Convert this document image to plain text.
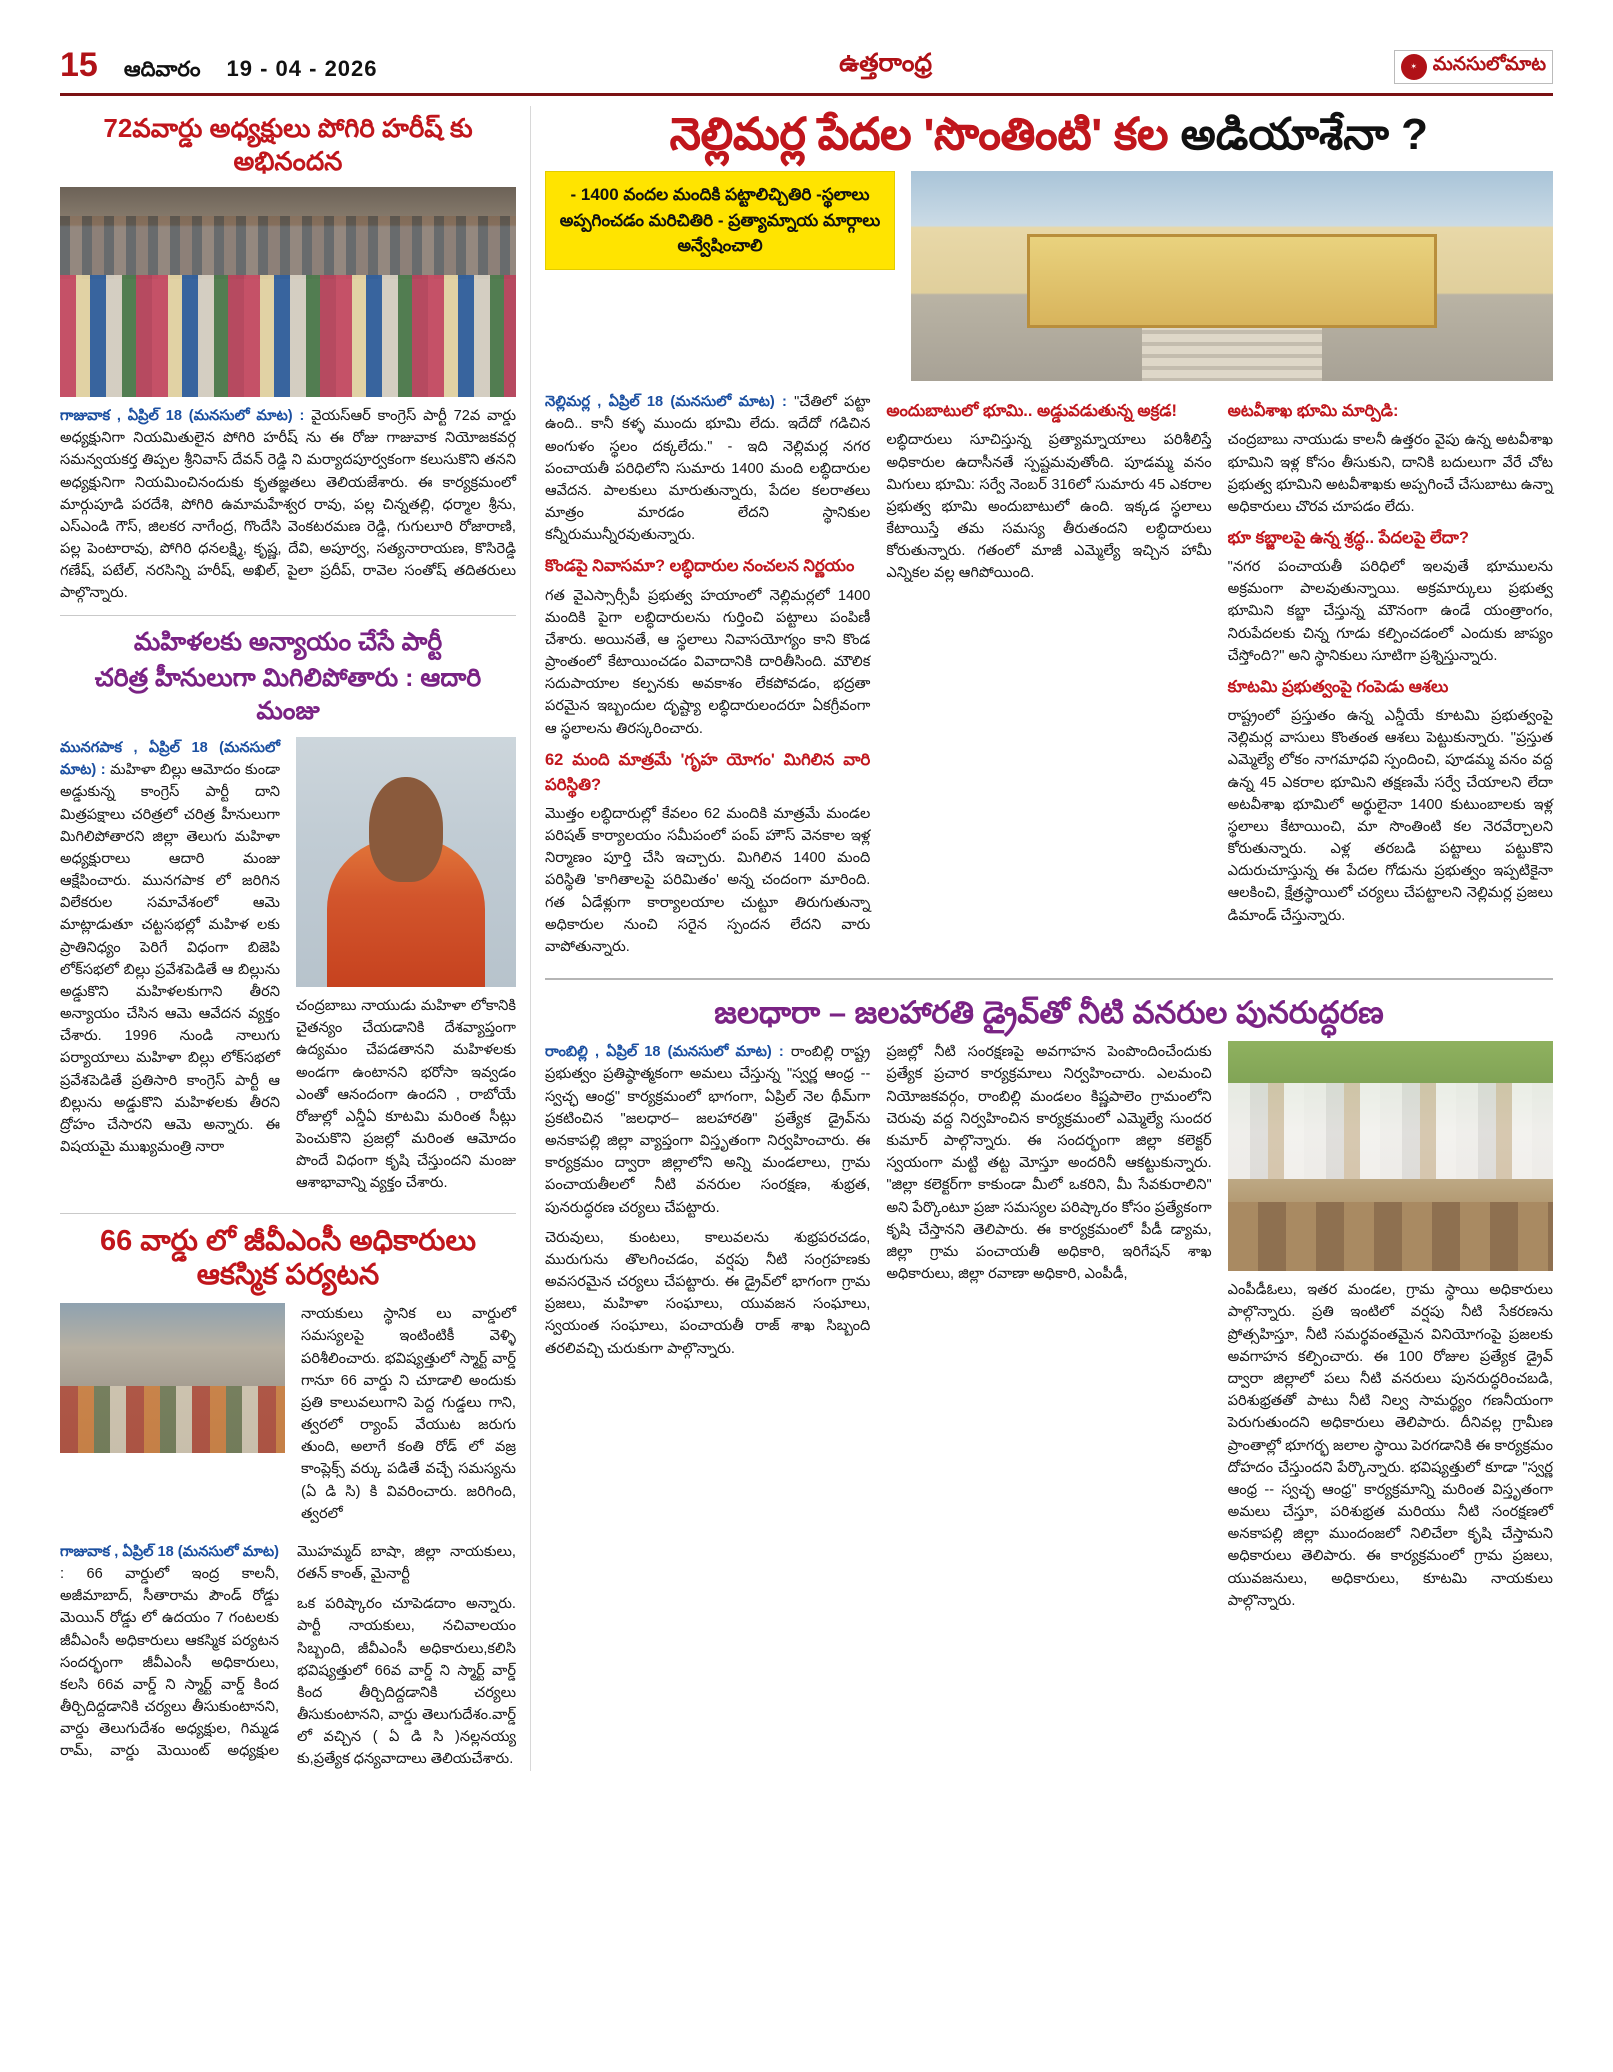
15 ఆదివారం 19 - 04 - 2026	ఉత్తరాంధ్ర	✶ మనసులోమాట
72వవార్డు అధ్యక్షులు పోగిరి హరీష్ కు అభినందన

గాజువాక , ఏప్రిల్ 18 (మనసులో మాట) : వైయస్ఆర్ కాంగ్రెస్ పార్టీ 72వ వార్డు అధ్యక్షునిగా నియమితులైన పోగిరి హరీష్ ను ఈ రోజు గాజువాక నియోజకవర్గ సమన్వయకర్త తిప్పల శ్రీనివాస్ దేవన్ రెడ్డి ని మర్యాదపూర్వకంగా కలుసుకొని తనని అధ్యక్షునిగా నియమించినందుకు కృతజ్ఞతలు తెలియజేశారు. ఈ కార్యక్రమంలో మార్గుపూడి పరదేశి, పోగిరి ఉమామహేశ్వర రావు, పల్ల చిన్నతల్లి, ధర్మాల శ్రీను, ఎస్ఎండి గౌస్, జిలకర నాగేంద్ర, గొందేసి వెంకటరమణ రెడ్డి, గుగులూరి రోజారాణి, పల్ల పెంటారావు, పోగిరి ధనలక్ష్మి, కృష్ణ, దేవి, అపూర్వ, సత్యనారాయణ, కొసిరెడ్డి గణేష్, పటేల్, నరసిన్ని హరీష్, అఖిల్, పైలా ప్రదీప్, రావెల సంతోష్ తదితరులు పాల్గొన్నారు.

మహిళలకు అన్యాయం చేసే పార్టీ
చరిత్ర హీనులుగా మిగిలిపోతారు : ఆదారి మంజు

మునగపాక , ఏప్రిల్ 18 (మనసులో మాట) : మహిళా బిల్లు ఆమోదం కుండా అడ్డుకున్న కాంగ్రెస్ పార్టీ దాని మిత్రపక్షాలు చరిత్రలో చరిత్ర హీనులుగా మిగిలిపోతారని జిల్లా తెలుగు మహిళా అధ్యక్షురాలు ఆదారి మంజు ఆక్షేపించారు. మునగపాక లో జరిగిన విలేకరుల సమావేశంలో ఆమె మాట్లాడుతూ చట్టసభల్లో మహిళ లకు ప్రాతినిధ్యం పెరిగే విధంగా బిజెపి లోక్‌సభలో బిల్లు ప్రవేశపెడితే ఆ బిల్లును అడ్డుకొని మహిళలకుగాని తీరని అన్యాయం చేసిన ఆమె ఆవేదన వ్యక్తం చేశారు. 1996 నుండి నాలుగు పర్యాయాలు మహిళా బిల్లు లోక్‌సభలో ప్రవేశపెడితే ప్రతిసారి కాంగ్రెస్ పార్టీ ఆ బిల్లును అడ్డుకొని మహిళలకు తీరని ద్రోహం చేసారని ఆమె అన్నారు. ఈ విషయమై ముఖ్యమంత్రి నారా

చంద్రబాబు నాయుడు మహిళా లోకానికి చైతన్యం చేయడానికి దేశవ్యాప్తంగా ఉద్యమం చేపడతానని మహిళలకు అండగా ఉంటానని భరోసా ఇవ్వడం ఎంతో ఆనందంగా ఉందని , రాబోయే రోజుల్లో ఎన్డీఏ కూటమి మరింత సీట్లు పెంచుకొని ప్రజల్లో మరింత ఆమోదం పొందే విధంగా కృషి చేస్తుందని మంజు ఆశాభావాన్ని వ్యక్తం చేశారు.

66 వార్డు లో జీవీఎంసీ అధికారులు ఆకస్మిక పర్యటన

నాయకులు స్థానిక లు వార్డులో సమస్యలపై ఇంటింటికీ వెళ్ళి పరిశీలించారు. భవిష్యత్తులో స్మార్ట్ వార్డ్ గానూ 66 వార్డు ని చూడాలి అందుకు ప్రతి కాలువలుగాని పెద్ద గుడ్డలు గాని, త్వరలో ర్యాంప్ వేయుట జరుగు తుంది, అలాగే కంతి రోడ్ లో వజ్ర కాంప్లెక్స్ వర్కు పడితే వచ్చే సమస్యను (ఏ డి సి) కి వివరించారు. జరిగింది, త్వరలో

గాజువాక , ఏప్రిల్ 18 (మనసులో మాట) : 66 వార్డులో ఇంద్ర కాలనీ, అజీమాబాద్, సీతారామ పౌండ్ రోడ్డు మెయిన్ రోడ్డు లో ఉదయం 7 గంటలకు జీవీఎంసీ అధికారులు ఆకస్మిక పర్యటన సందర్భంగా జీవీఎంసీ అధికారులు, కలసి 66వ వార్డ్ ని స్మార్ట్ వార్డ్ కింద తీర్చిదిద్దడానికి చర్యలు తీసుకుంటానని, వార్డు తెలుగుదేశం అధ్యక్షుల, గిమ్మడ రామ్, వార్డు మెయింట్ అధ్యక్షుల మొహమ్మద్ బాషా, జిల్లా నాయకులు, రతన్ కాంత్, మైనార్టీ

ఒక పరిష్కారం చూపెడదాం అన్నారు. పార్టీ నాయకులు, నచివాలయం సిబ్బంది, జీవీఎంసీ అధికారులు,కలిసి భవిష్యత్తులో 66వ వార్డ్ ని స్మార్ట్ వార్డ్ కింద తీర్చిదిద్దడానికి చర్యలు తీసుకుంటానని, వార్డు తెలుగుదేశం.వార్డ్ లో వచ్చిన ( ఏ డి సి )నల్లనయ్య కు,ప్రత్యేక ధన్యవాదాలు తెలియచేశారు.

నెల్లిమర్ల పేదల 'సొంతింటి' కల అడియాశేనా ?
- 1400 వందల మందికి పట్టాలిచ్చితిరి -స్థలాలు అప్పగించడం మరిచితిరి - ప్రత్యామ్నాయ మార్గాలు అన్వేషించాలి

నెల్లిమర్ల , ఏప్రిల్ 18 (మనసులో మాట) : "చేతిలో పట్టా ఉంది.. కానీ కళ్ళ ముందు భూమి లేదు. ఇదేదో గడిచిన అంగుళం స్థలం దక్కలేదు." - ఇది నెల్లిమర్ల నగర పంచాయతీ పరిధిలోని సుమారు 1400 మంది లబ్ధిదారుల ఆవేదన. పాలకులు మారుతున్నారు, పేదల కలరాతలు మాత్రం మారడం లేదని స్థానికుల కన్నీరుమున్నీరవుతున్నారు.

కొండపై నివాసమా? లబ్ధిదారుల నంచలన నిర్ణయం

గత వైఎస్సార్సీపీ ప్రభుత్వ హయాంలో నెల్లిమర్లలో 1400 మందికి పైగా లబ్ధిదారులను గుర్తించి పట్టాలు పంపిణీ చేశారు. అయినతే, ఆ స్థలాలు నివాసయోగ్యం కాని కొండ ప్రాంతంలో కేటాయించడం వివాదానికి దారితీసింది. మౌలిక సదుపాయాల కల్పనకు అవకాశం లేకపోవడం, భద్రతా పరమైన ఇబ్బందుల దృష్ట్యా లబ్ధిదారులందరూ ఏకగ్రీవంగా ఆ స్థలాలను తిరస్కరించారు.

62 మంది మాత్రమే 'గృహ యోగం' మిగిలిన వారి పరిస్థితి?

మొత్తం లబ్ధిదారుల్లో కేవలం 62 మందికి మాత్రమే మండల పరిషత్ కార్యాలయం సమీపంలో పంప్ హౌస్ వెనకాల ఇళ్ల నిర్మాణం పూర్తి చేసి ఇచ్చారు. మిగిలిన 1400 మంది పరిస్థితి 'కాగితాలపై పరిమితం' అన్న చందంగా మారింది. గత ఏడేళ్లుగా కార్యాలయాల చుట్టూ తిరుగుతున్నా అధికారుల నుంచి సరైన స్పందన లేదని వారు వాపోతున్నారు.

అందుబాటులో భూమి.. అడ్డువడుతున్న అక్రడ!

లబ్ధిదారులు సూచిస్తున్న ప్రత్యామ్నాయాలు పరిశీలిస్తే అధికారుల ఉదాసీనతే స్పష్టమవుతోంది. పూడమ్మ వనం మిగులు భూమి: సర్వే నెంబర్ 316లో సుమారు 45 ఎకరాల ప్రభుత్వ భూమి అందుబాటులో ఉంది. ఇక్కడ స్థలాలు కేటాయిస్తే తమ సమస్య తీరుతందని లబ్ధిదారులు కోరుతున్నారు. గతంలో మాజీ ఎమ్మెల్యే ఇచ్చిన హామీ ఎన్నికల వల్ల ఆగిపోయింది.

అటవీశాఖ భూమి మార్పిడి:

చంద్రబాబు నాయుడు కాలనీ ఉత్తరం వైపు ఉన్న అటవీశాఖ భూమిని ఇళ్ల కోసం తీసుకుని, దానికి బదులుగా వేరే చోట ప్రభుత్వ భూమిని అటవీశాఖకు అప్పగించే చేసుబాటు ఉన్నా అధికారులు చొరవ చూపడం లేదు.

భూ కబ్జాలపై ఉన్న శ్రద్ధ.. పేదలపై లేదా?

"నగర పంచాయతీ పరిధిలో ఇలవుతే భూములను అక్రమంగా పాలవుతున్నాయి. అక్రమార్కులు ప్రభుత్వ భూమిని కబ్జా చేస్తున్న మౌనంగా ఉండే యంత్రాంగం, నిరుపేదలకు చిన్న గూడు కల్పించడంలో ఎందుకు జాప్యం చేస్తోంది?" అని స్థానికులు సూటిగా ప్రశ్నిస్తున్నారు.

కూటమి ప్రభుత్వంపై గంపెడు ఆశలు

రాష్ట్రంలో ప్రస్తుతం ఉన్న ఎన్డీయే కూటమి ప్రభుత్వంపై నెల్లిమర్ల వాసులు కొంతంత ఆశలు పెట్టుకున్నారు. "ప్రస్తుత ఎమ్మెల్యే లోకం నాగమాధవి స్పందించి, పూడమ్మ వనం వద్ద ఉన్న 45 ఎకరాల భూమిని తక్షణమే సర్వే చేయాలని లేదా అటవీశాఖ భూమిలో అర్థులైనా 1400 కుటుంబాలకు ఇళ్ల స్థలాలు కేటాయించి, మా సొంతింటి కల నెరవేర్చాలని కోరుతున్నారు. ఎళ్ల తరబడి పట్టాలు పట్టుకొని ఎదురుచూస్తున్న ఈ పేదల గోడును ప్రభుత్వం ఇప్పటికైనా ఆలకించి, క్షేత్రస్థాయిలో చర్యలు చేపట్టాలని నెల్లిమర్ల ప్రజలు డిమాండ్ చేస్తున్నారు.

జలధారా – జలహారతి డ్రైవ్‌తో నీటి వనరుల పునరుద్ధరణ

రాంబిల్లి , ఏప్రిల్ 18 (మనసులో మాట) : రాంబిల్లి రాష్ట్ర ప్రభుత్వం ప్రతిష్ఠాత్మకంగా అమలు చేస్తున్న "స్వర్ణ ఆంధ్ర -- స్వచ్ఛ ఆంధ్ర" కార్యక్రమంలో భాగంగా, ఏప్రిల్ నెల థీమ్‌గా ప్రకటించిన "జలధార– జలహారతి" ప్రత్యేక డ్రైవ్‌ను అనకాపల్లి జిల్లా వ్యాప్తంగా విస్తృతంగా నిర్వహించారు. ఈ కార్యక్రమం ద్వారా జిల్లాలోని అన్ని మండలాలు, గ్రామ పంచాయతీలలో నీటి వనరుల సంరక్షణ, శుభ్రత, పునరుద్ధరణ చర్యలు చేపట్టారు.

చెరువులు, కుంటలు, కాలువలను శుభ్రపరచడం, మురుగును తొలగించడం, వర్షపు నీటి సంగ్రహణకు అవసరమైన చర్యలు చేపట్టారు. ఈ డ్రైవ్‌లో భాగంగా గ్రామ ప్రజలు, మహిళా సంఘాలు, యువజన సంఘాలు, స్వయంత సంఘాలు, పంచాయతీ రాజ్ శాఖ సిబ్బంది తరలివచ్చి చురుకుగా పాల్గొన్నారు.

ప్రజల్లో నీటి సంరక్షణపై అవగాహన పెంపొందించేందుకు ప్రత్యేక ప్రచార కార్యక్రమాలు నిర్వహించారు. ఎలమంచి నియోజకవర్గం, రాంబిల్లి మండలం కిష్ణపాలెం గ్రామంలోని చెరువు వద్ద నిర్వహించిన కార్యక్రమంలో ఎమ్మెల్యే సుందర కుమార్ పాల్గొన్నారు. ఈ సందర్భంగా జిల్లా కలెక్టర్ స్వయంగా మట్టి తట్ట మోస్తూ అందరినీ ఆకట్టుకున్నారు. "జిల్లా కలెక్టర్‌గా కాకుండా మీలో ఒకరిని, మీ సేవకురాలిని" అని పేర్కొంటూ ప్రజా సమస్యల పరిష్కారం కోసం ప్రత్యేకంగా కృషి చేస్తానని తెలిపారు. ఈ కార్యక్రమంలో పీడీ డ్యామ, జిల్లా గ్రామ పంచాయతీ అధికారి, ఇరిగేషన్ శాఖ అధికారులు, జిల్లా రవాణా అధికారి, ఎంపీడీ,

ఎంపీడీఓలు, ఇతర మండల, గ్రామ స్థాయి అధికారులు పాల్గొన్నారు. ప్రతి ఇంటిలో వర్షపు నీటి సేకరణను ప్రోత్సహిస్తూ, నీటి సమర్థవంతమైన వినియోగంపై ప్రజలకు అవగాహన కల్పించారు. ఈ 100 రోజుల ప్రత్యేక డ్రైవ్ ద్వారా జిల్లాలో పలు నీటి వనరులు పునరుద్ధరించబడి, పరిశుభ్రతతో పాటు నీటి నిల్వ సామర్థ్యం గణనీయంగా పెరుగుతుందని అధికారులు తెలిపారు. దీనివల్ల గ్రామీణ ప్రాంతాల్లో భూగర్భ జలాల స్థాయి పెరగడానికి ఈ కార్యక్రమం దోహదం చేస్తుందని పేర్కొన్నారు. భవిష్యత్తులో కూడా "స్వర్ణ ఆంధ్ర -- స్వచ్ఛ ఆంధ్ర" కార్యక్రమాన్ని మరింత విస్తృతంగా అమలు చేస్తూ, పరిశుభ్రత మరియు నీటి సంరక్షణలో అనకాపల్లి జిల్లా ముందంజలో నిలిచేలా కృషి చేస్తామని అధికారులు తెలిపారు. ఈ కార్యక్రమంలో గ్రామ ప్రజలు, యువజనులు, అధికారులు, కూటమి నాయకులు పాల్గొన్నారు.
